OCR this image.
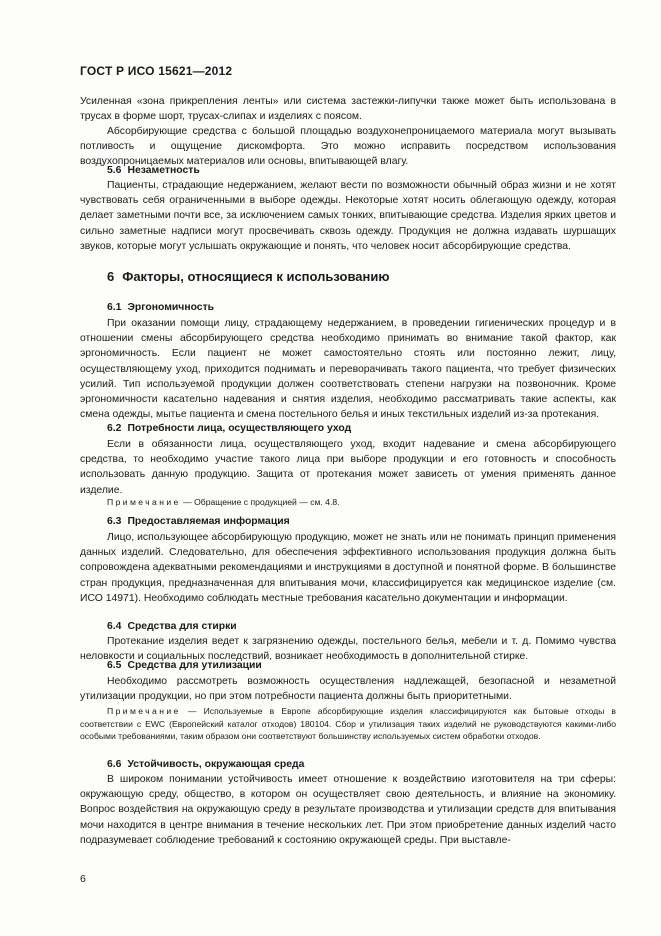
ГОСТ Р ИСО 15621—2012

Усиленная «зона прикрепления ленты» или система застежки-липучки также может быть использована в трусах в форме шорт, трусах-слипах и изделиях с поясом.

Абсорбирующие средства с большой площадью воздухонепроницаемого материала могут вызывать потливость и ощущение дискомфорта. Это можно исправить посредством использования воздухопроницаемых материалов или основы, впитывающей влагу.

5.6 Незаметность

Пациенты, страдающие недержанием, желают вести по возможности обычный образ жизни и не хотят чувствовать себя ограниченными в выборе одежды. Некоторые хотят носить облегающую одежду, которая делает заметными почти все, за исключением самых тонких, впитывающие средства. Изделия ярких цветов и сильно заметные надписи могут просвечивать сквозь одежду. Продукция не должна издавать шуршащих звуков, которые могут услышать окружающие и понять, что человек носит абсорбирующие средства.

6 Факторы, относящиеся к использованию
6.1 Эргономичность

При оказании помощи лицу, страдающему недержанием, в проведении гигиенических процедур и в отношении смены абсорбирующего средства необходимо принимать во внимание такой фактор, как эргономичность. Если пациент не может самостоятельно стоять или постоянно лежит, лицу, осуществляющему уход, приходится поднимать и переворачивать такого пациента, что требует физических усилий. Тип используемой продукции должен соответствовать степени нагрузки на позвоночник. Кроме эргономичности касательно надевания и снятия изделия, необходимо рассматривать такие аспекты, как смена одежды, мытье пациента и смена постельного белья и иных текстильных изделий из-за протекания.

6.2 Потребности лица, осуществляющего уход

Если в обязанности лица, осуществляющего уход, входит надевание и смена абсорбирующего средства, то необходимо участие такого лица при выборе продукции и его готовность и способность использовать данную продукцию. Защита от протекания может зависеть от умения применять данное изделие.

Примечание — Обращение с продукцией — см. 4.8.

6.3 Предоставляемая информация

Лицо, использующее абсорбирующую продукцию, может не знать или не понимать принцип применения данных изделий. Следовательно, для обеспечения эффективного использования продукция должна быть сопровождена адекватными рекомендациями и инструкциями в доступной и понятной форме. В большинстве стран продукция, предназначенная для впитывания мочи, классифицируется как медицинское изделие (см. ИСО 14971). Необходимо соблюдать местные требования касательно документации и информации.

6.4 Средства для стирки

Протекание изделия ведет к загрязнению одежды, постельного белья, мебели и т. д. Помимо чувства неловкости и социальных последствий, возникает необходимость в дополнительной стирке.

6.5 Средства для утилизации

Необходимо рассмотреть возможность осуществления надлежащей, безопасной и незаметной утилизации продукции, но при этом потребности пациента должны быть приоритетными.

Примечание — Используемые в Европе абсорбирующие изделия классифицируются как бытовые отходы в соответствии с EWC (Европейский каталог отходов) 180104. Сбор и утилизация таких изделий не руководствуются какими-либо особыми требованиями, таким образом они соответствуют большинству используемых систем обработки отходов.

6.6 Устойчивость, окружающая среда

В широком понимании устойчивость имеет отношение к воздействию изготовителя на три сферы: окружающую среду, общество, в котором он осуществляет свою деятельность, и влияние на экономику. Вопрос воздействия на окружающую среду в результате производства и утилизации средств для впитывания мочи находится в центре внимания в течение нескольких лет. При этом приобретение данных изделий часто подразумевает соблюдение требований к состоянию окружающей среды. При выставле-

6
